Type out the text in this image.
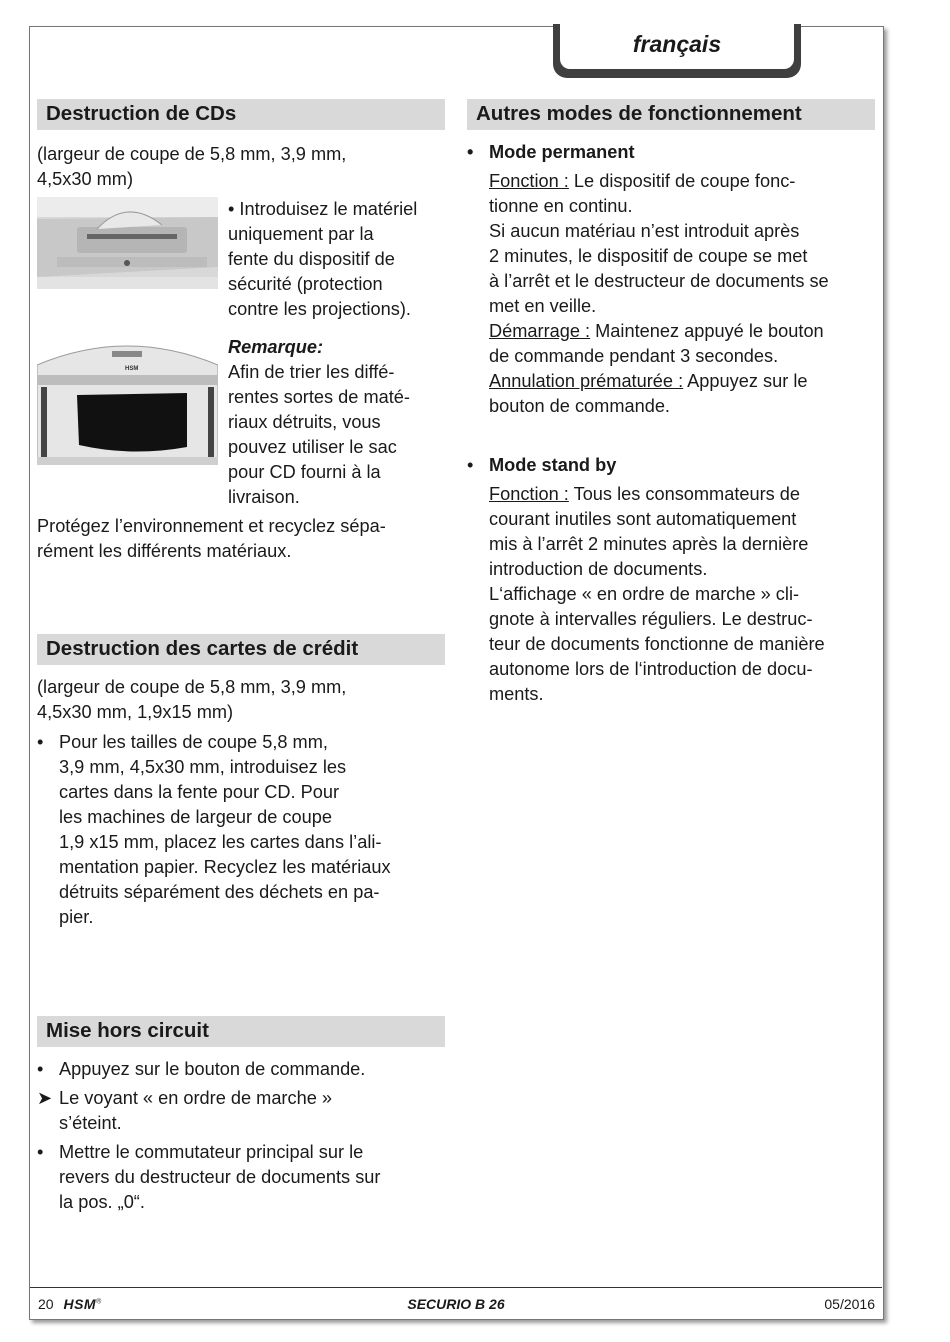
français
Destruction de CDs

(largeur de coupe de 5,8 mm, 3,9 mm,

4,5x30 mm)

• Introduisez le matériel

uniquement par la

fente du dispositif de

sécurité (protection

contre les projections).

HSM

Remarque:

Afin de trier les diffé-

rentes sortes de maté-

riaux détruits, vous

pouvez utiliser le sac

pour CD fourni à la

livraison.

Protégez l’environnement et recyclez sépa-

rément les différents matériaux.

Destruction des cartes de crédit

(largeur de coupe de 5,8 mm, 3,9 mm,

4,5x30 mm, 1,9x15 mm)

• Pour les tailles de coupe 5,8 mm,

3,9 mm, 4,5x30 mm, introduisez les

cartes dans la fente pour CD. Pour

les machines de largeur de coupe

1,9 x15 mm, placez les cartes dans l’ali-

mentation papier. Recyclez les matériaux

détruits séparément des déchets en pa-

pier.

Mise hors circuit
• Appuyez sur le bouton de commande.

➤ Le voyant « en ordre de marche »

s’éteint.

• Mettre le commutateur principal sur le

revers du destructeur de documents sur

la pos. „0“.

Autres modes de fonctionnement
• Mode permanent

Fonction : Le dispositif de coupe fonc-

tionne en continu.

Si aucun matériau n’est introduit après

2 minutes, le dispositif de coupe se met

à l’arrêt et le destructeur de documents se

met en veille.

Démarrage : Maintenez appuyé le bouton

de commande pendant 3 secondes.

Annulation prématurée : Appuyez sur le

bouton de commande.

• Mode stand by

Fonction : Tous les consommateurs de

courant inutiles sont automatiquement

mis à l’arrêt 2 minutes après la dernière

introduction de documents.

L‘affichage « en ordre de marche » cli-

gnote à intervalles réguliers. Le destruc-

teur de documents fonctionne de manière

autonome lors de l‘introduction de docu-

ments.

20 HSM®	SECURIO B 26	05/2016
